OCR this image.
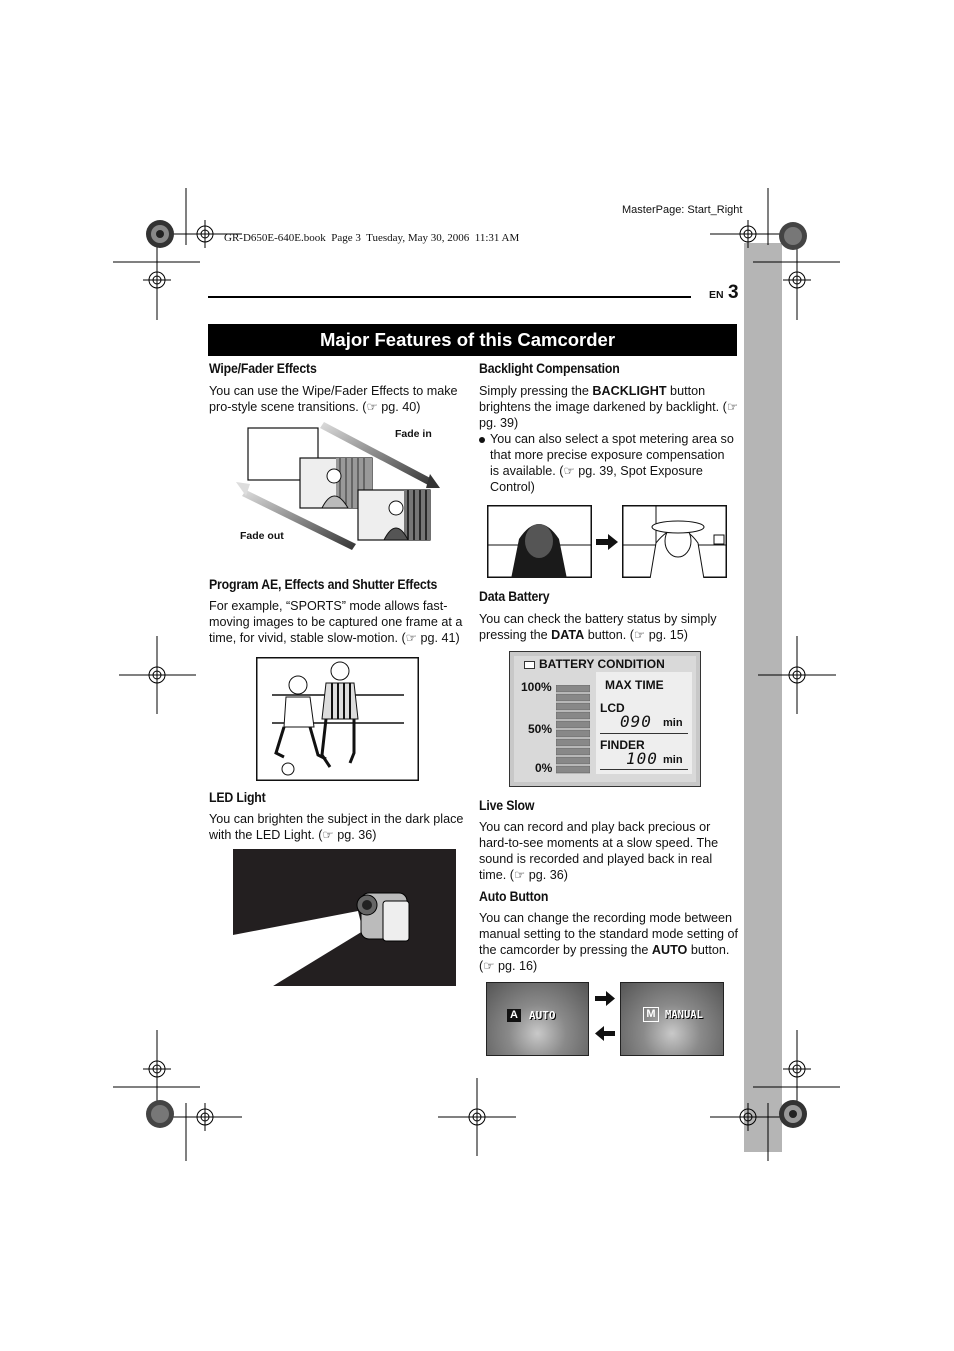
MasterPage: Start_Right
GR-D650E-640E.book  Page 3  Tuesday, May 30, 2006  11:31 AM
EN 3
Major Features of this Camcorder
Wipe/Fader Effects
You can use the Wipe/Fader Effects to make pro-style scene transitions. (☞ pg. 40)
Fade in
Fade out
Program AE, Effects and Shutter Effects
For example, “SPORTS” mode allows fast-moving images to be captured one frame at a time, for vivid, stable slow-motion. (☞ pg. 41)
LED Light
You can brighten the subject in the dark place with the LED Light. (☞ pg. 36)
Backlight Compensation
Simply pressing the BACKLIGHT button brightens the image darkened by backlight. (☞ pg. 39)
You can also select a spot metering area so that more precise exposure compensation is available. (☞ pg. 39, Spot Exposure Control)
Data Battery
You can check the battery status by simply pressing the DATA button. (☞ pg. 15)
BATTERY CONDITION
100%
50%
0%
MAX TIME
LCD
090 min
FINDER
100 min
Live Slow
You can record and play back precious or hard-to-see moments at a slow speed. The sound is recorded and played back in real time. (☞ pg. 36)
Auto Button
You can change the recording mode between manual setting to the standard mode setting of the camcorder by pressing the AUTO button. (☞ pg. 16)
A AUTO	M MANUAL
